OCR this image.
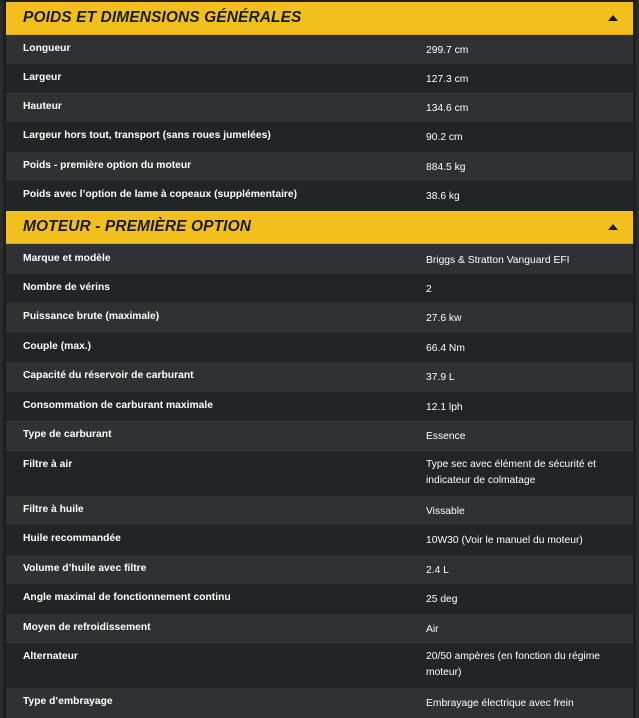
POIDS ET DIMENSIONS GÉNÉRALES
Longueur	299.7 cm
Largeur	127.3 cm
Hauteur	134.6 cm
Largeur hors tout, transport (sans roues jumelées)	90.2 cm
Poids - première option du moteur	884.5 kg
Poids avec l’option de lame à copeaux (supplémentaire)	38.6 kg
MOTEUR - PREMIÈRE OPTION
Marque et modèle	Briggs & Stratton Vanguard EFI
Nombre de vérins	2
Puissance brute (maximale)	27.6 kw
Couple (max.)	66.4 Nm
Capacité du réservoir de carburant	37.9 L
Consommation de carburant maximale	12.1 lph
Type de carburant	Essence
Filtre à air	Type sec avec élément de sécurité et indicateur de colmatage
Filtre à huile	Vissable
Huile recommandée	10W30 (Voir le manuel du moteur)
Volume d’huile avec filtre	2.4 L
Angle maximal de fonctionnement continu	25 deg
Moyen de refroidissement	Air
Alternateur	20/50 ampères (en fonction du régime moteur)
Type d’embrayage	Embrayage électrique avec frein
